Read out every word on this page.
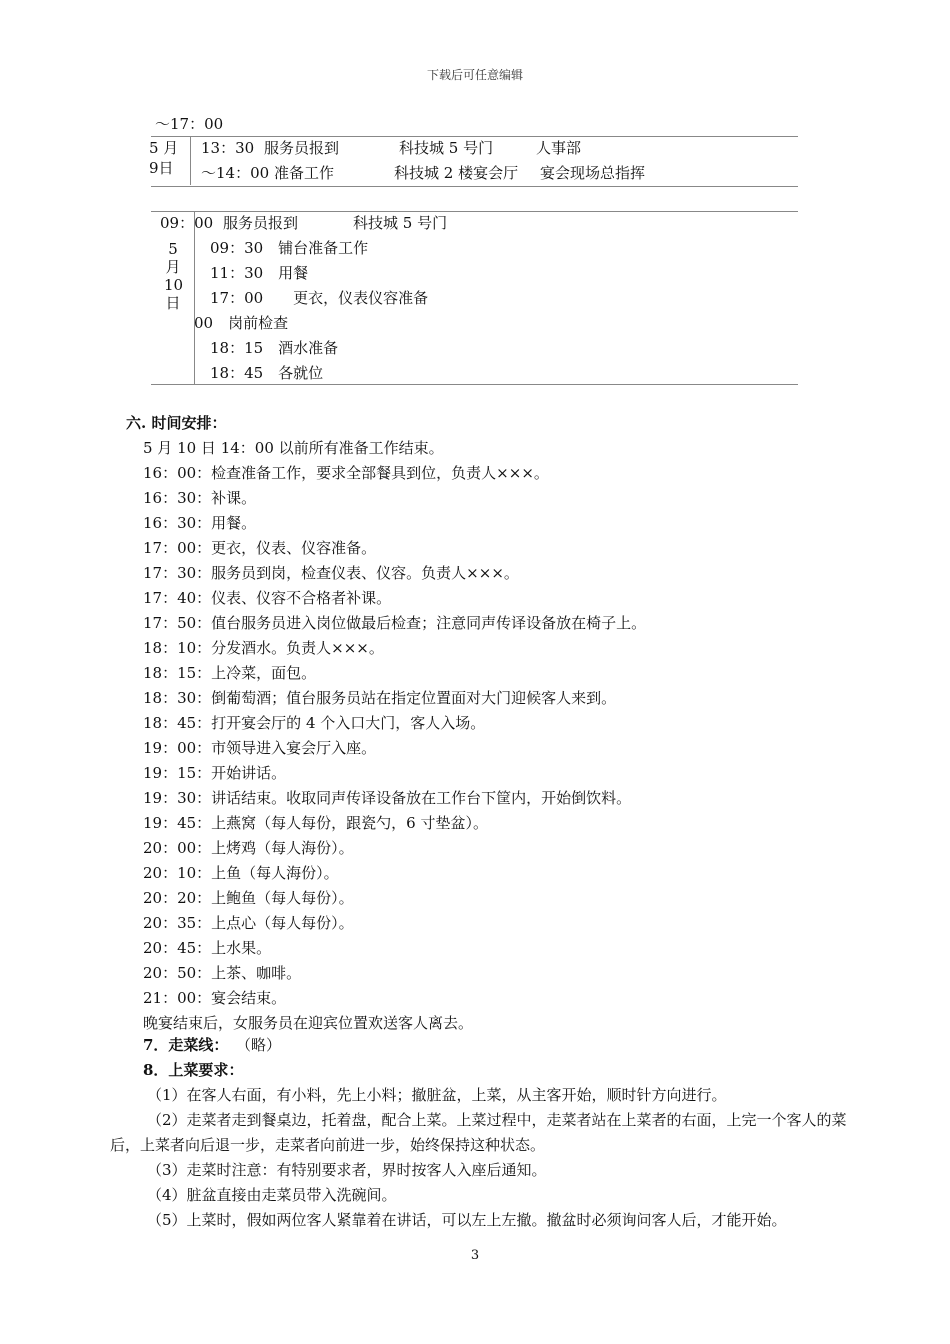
下载后可任意编辑
～17：00
5 月
9日
13：30 服务员报到	科技城 5 号门	人事部
～14：00 准备工作	科技城 2 楼宴会厅 宴会现场总指挥
09：00 服务员报到	科技城 5 号门
5
月
10
日
09：30　铺台准备工作
11：30　用餐
17：00　　更衣，仪表仪容准备
00　岗前检查
18：15　酒水准备
18：45　各就位
六. 时间安排：
5 月 10 日 14：00 以前所有准备工作结束。
16：00：检查准备工作，要求全部餐具到位，负责人×××。
16：30：补课。
16：30：用餐。
17：00：更衣，仪表、仪容准备。
17：30：服务员到岗，检查仪表、仪容。负责人×××。
17：40：仪表、仪容不合格者补课。
17：50：值台服务员进入岗位做最后检查；注意同声传译设备放在椅子上。
18：10：分发酒水。负责人×××。
18：15：上冷菜，面包。
18：30：倒葡萄酒；值台服务员站在指定位置面对大门迎候客人来到。
18：45：打开宴会厅的 4 个入口大门，客人入场。
19：00：市领导进入宴会厅入座。
19：15：开始讲话。
19：30：讲话结束。收取同声传译设备放在工作台下筐内，开始倒饮料。
19：45：上燕窝（每人每份，跟瓷勺，6 寸垫盆）。
20：00：上烤鸡（每人海份）。
20：10：上鱼（每人海份）。
20：20：上鲍鱼（每人每份）。
20：35：上点心（每人每份）。
20：45：上水果。
20：50：上茶、咖啡。
21：00：宴会结束。
晚宴结束后，女服务员在迎宾位置欢送客人离去。
7．走菜线： （略）
8．上菜要求：
（1）在客人右面，有小料，先上小料；撤脏盆，上菜，从主客开始，顺时针方向进行。
（2）走菜者走到餐桌边，托着盘，配合上菜。上菜过程中，走菜者站在上菜者的右面，上完一个客人的菜后，上菜者向后退一步，走菜者向前进一步，始终保持这种状态。
（3）走菜时注意：有特别要求者，界时按客人入座后通知。
（4）脏盆直接由走菜员带入洗碗间。
（5）上菜时，假如两位客人紧靠着在讲话，可以左上左撤。撤盆时必须询问客人后，才能开始。
3
